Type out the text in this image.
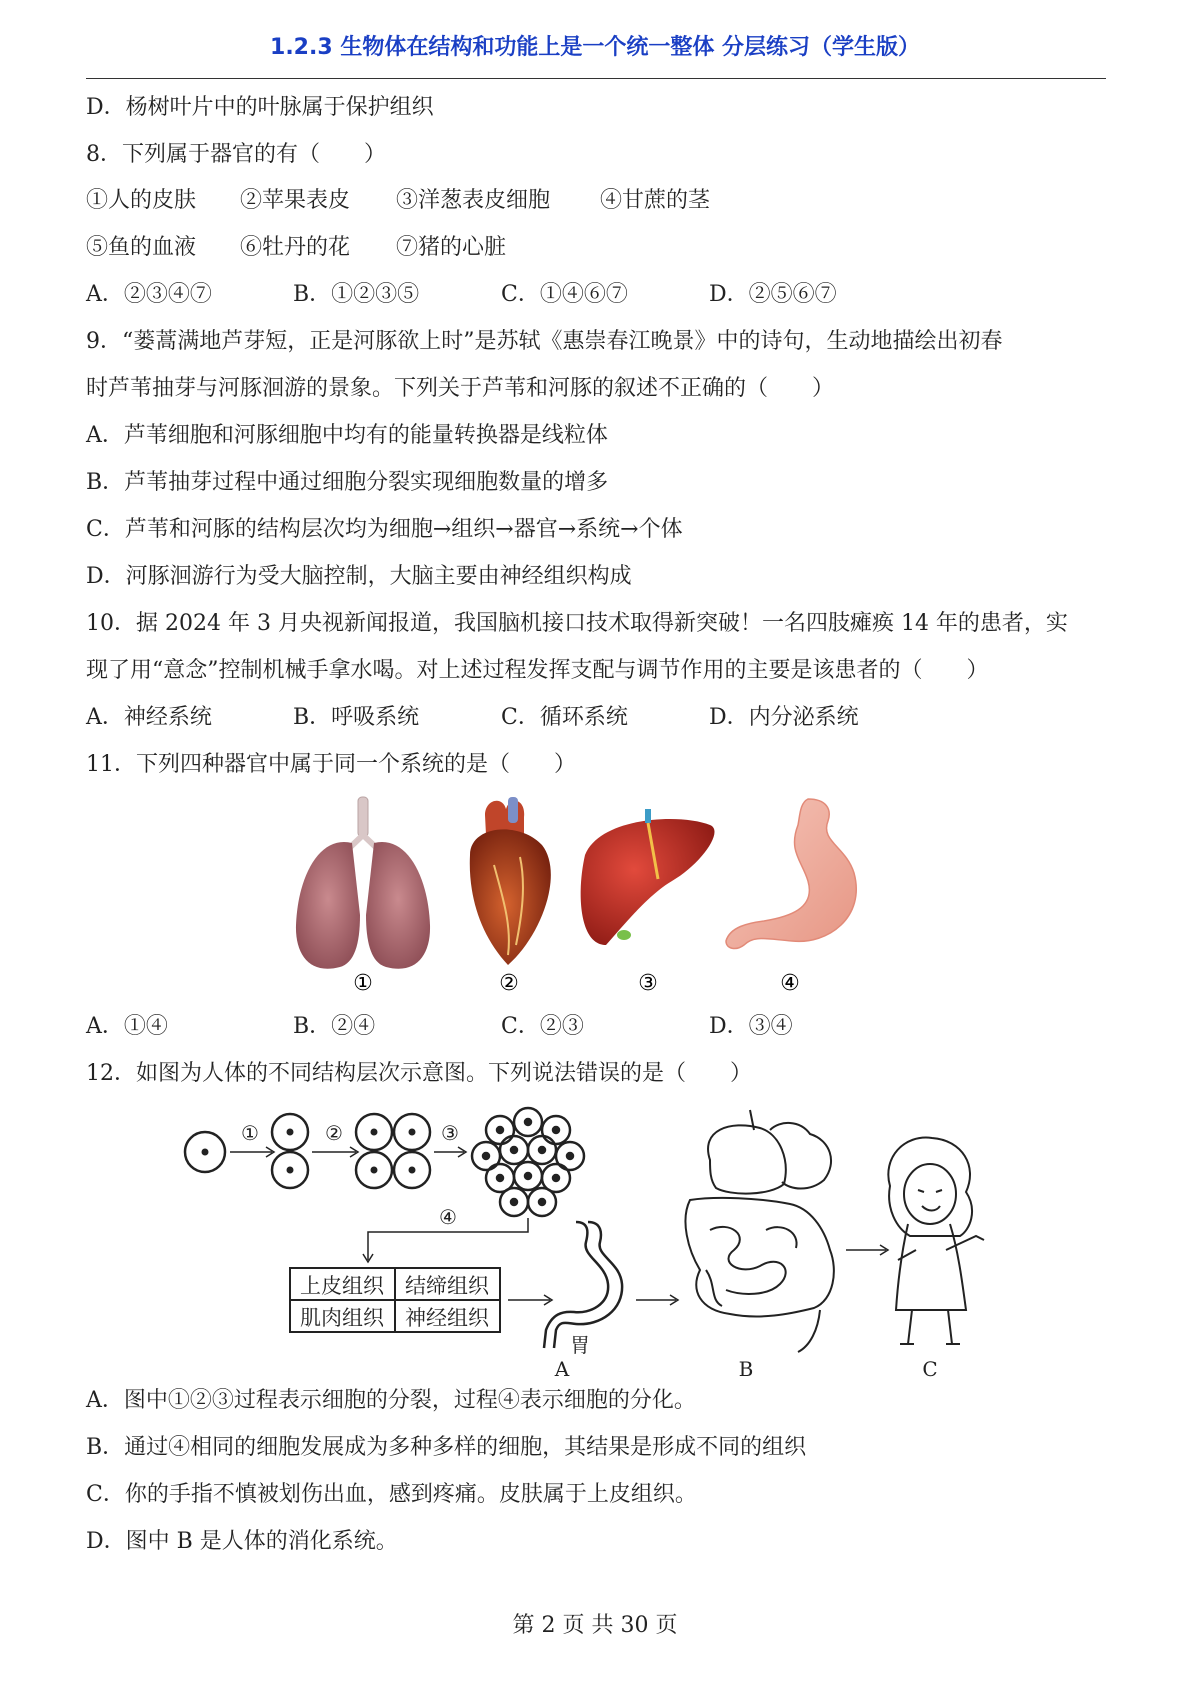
1.2.3 生物体在结构和功能上是一个统一整体 分层练习（学生版）
D．杨树叶片中的叶脉属于保护组织
8．下列属于器官的有（　　）
①人的皮肤 ②苹果表皮 ③洋葱表皮细胞 ④甘蔗的茎
⑤鱼的血液 ⑥牡丹的花 ⑦猪的心脏
A．②③④⑦	B．①②③⑤	C．①④⑥⑦	D．②⑤⑥⑦
9．“蒌蒿满地芦芽短，正是河豚欲上时”是苏轼《惠崇春江晚景》中的诗句，生动地描绘出初春
时芦苇抽芽与河豚洄游的景象。下列关于芦苇和河豚的叙述不正确的（　　）
A．芦苇细胞和河豚细胞中均有的能量转换器是线粒体
B．芦苇抽芽过程中通过细胞分裂实现细胞数量的增多
C．芦苇和河豚的结构层次均为细胞→组织→器官→系统→个体
D．河豚洄游行为受大脑控制，大脑主要由神经组织构成
10．据 2024 年 3 月央视新闻报道，我国脑机接口技术取得新突破！一名四肢瘫痪 14 年的患者，实
现了用“意念”控制机械手拿水喝。对上述过程发挥支配与调节作用的主要是该患者的（　　）
A．神经系统	B．呼吸系统	C．循环系统	D．内分泌系统
11．下列四种器官中属于同一个系统的是（　　）
①	②	③	④
A．①④	B．②④	C．②③	D．③④
12．如图为人体的不同结构层次示意图。下列说法错误的是（　　）
①	②	③
④
上皮组织 结缔组织
肌肉组织 神经组织
胃
A	B	C
A．图中①②③过程表示细胞的分裂，过程④表示细胞的分化。
B．通过④相同的细胞发展成为多种多样的细胞，其结果是形成不同的组织
C．你的手指不慎被划伤出血，感到疼痛。皮肤属于上皮组织。
D．图中 B 是人体的消化系统。
第 2 页 共 30 页
